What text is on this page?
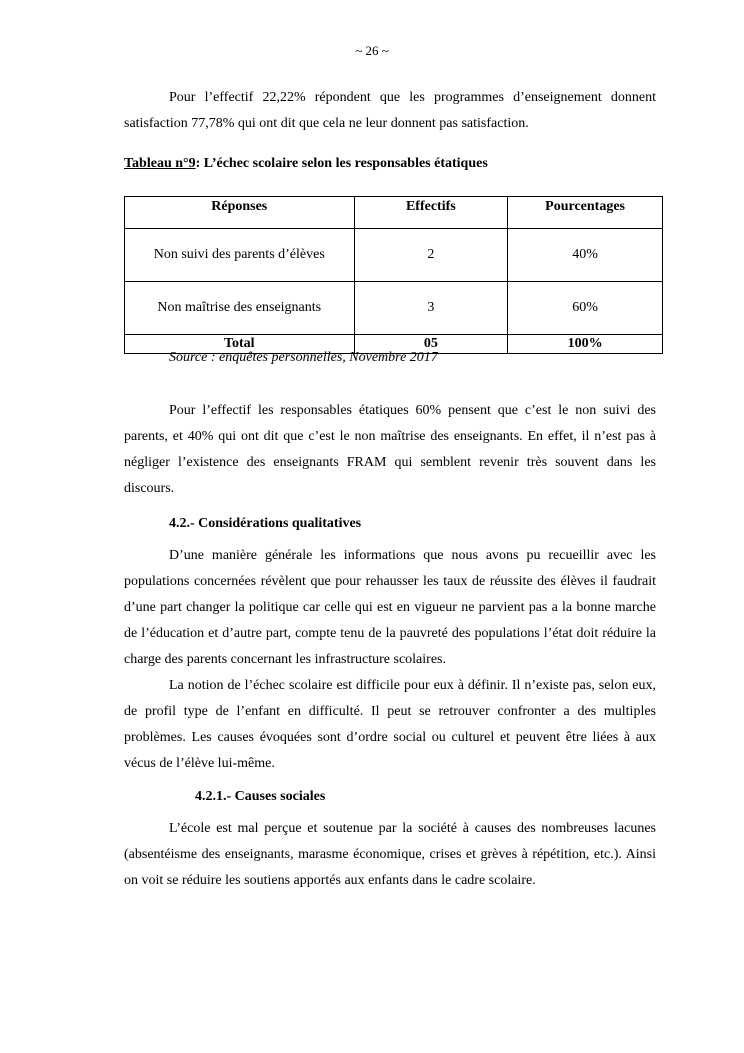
~ 26 ~

Pour l’effectif 22,22% répondent que les programmes d’enseignement donnent satisfaction 77,78% qui ont dit que cela ne leur donnent pas satisfaction.

Tableau n°9: L’échec scolaire selon les responsables étatiques
Réponses	Effectifs	Pourcentages
Non suivi des parents d’élèves	2	40%
Non maîtrise des enseignants	3	60%
Total	05	100%
Source : enquêtes personnelles, Novembre 2017

Pour l’effectif les responsables étatiques 60% pensent que c’est le non suivi des parents, et 40% qui ont dit que c’est le non maîtrise des enseignants. En effet, il n’est pas à négliger l’existence des enseignants FRAM qui semblent revenir très souvent dans les discours.

4.2.- Considérations qualitatives

D’une manière générale les informations que nous avons pu recueillir avec les populations concernées révèlent que pour rehausser les taux de réussite des élèves il faudrait d’une part changer la politique car celle qui est en vigueur ne parvient pas a la bonne marche de l’éducation et d’autre part, compte tenu de la pauvreté des populations l’état doit réduire la charge des parents concernant les infrastructure scolaires.

La notion de l’échec scolaire est difficile pour eux à définir. Il n’existe pas, selon eux, de profil type de l’enfant en difficulté. Il peut se retrouver confronter a des multiples problèmes. Les causes évoquées sont d’ordre social ou culturel et peuvent être liées à aux vécus de l’élève lui-même.

4.2.1.- Causes sociales

L’école est mal perçue et soutenue par la société à causes des nombreuses lacunes (absentéisme des enseignants, marasme économique, crises et grèves à répétition, etc.). Ainsi on voit se réduire les soutiens apportés aux enfants dans le cadre scolaire.
